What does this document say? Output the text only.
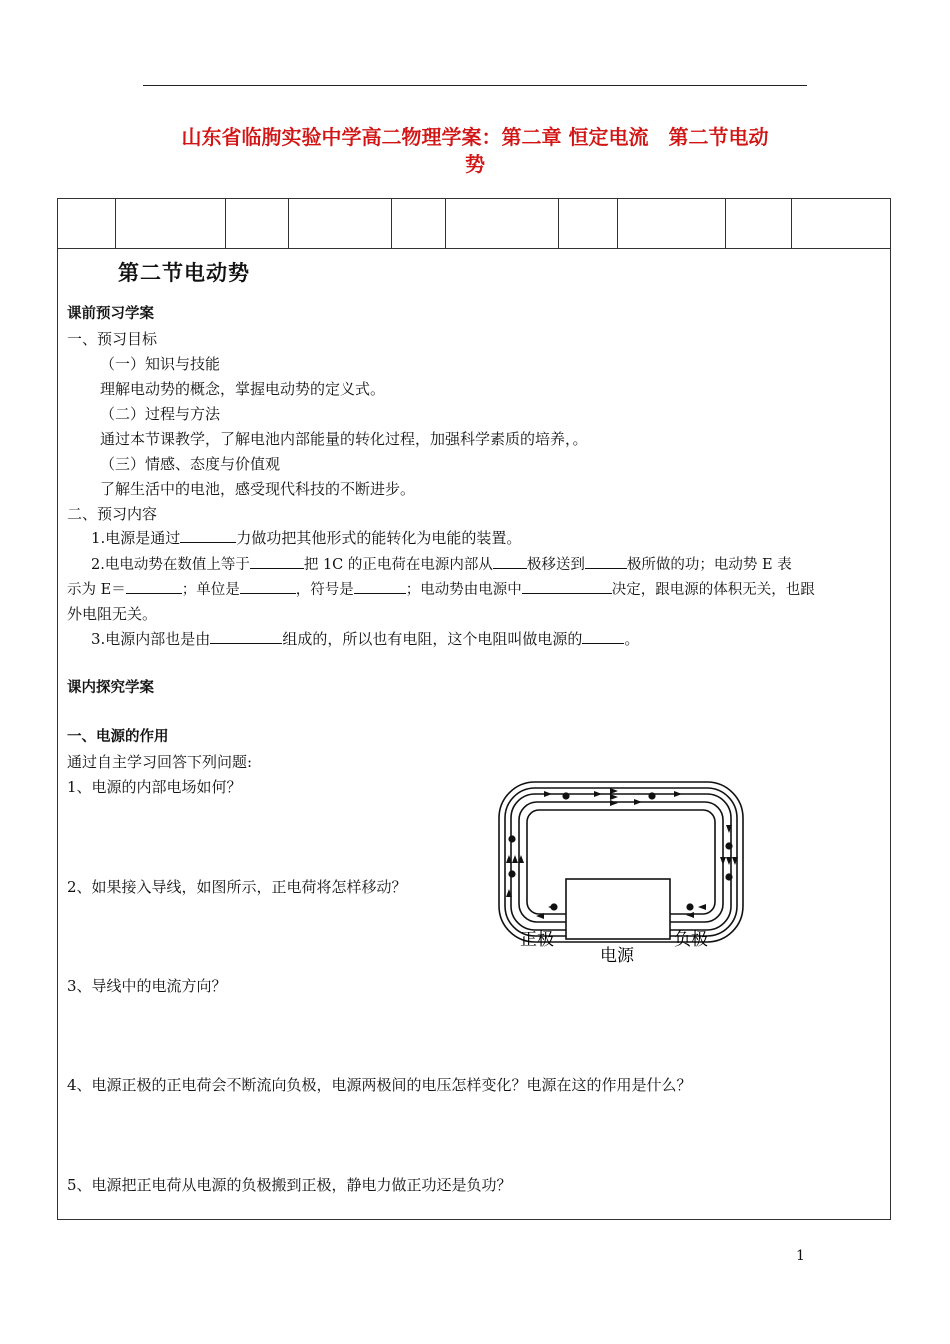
山东省临朐实验中学高二物理学案：第二章 恒定电流　第二节电动
势
第二节电动势
课前预习学案
一、预习目标
（一）知识与技能
理解电动势的概念，掌握电动势的定义式。
（二）过程与方法
通过本节课教学，了解电池内部能量的转化过程，加强科学素质的培养，。
（三）情感、态度与价值观
了解生活中的电池，感受现代科技的不断进步。
二、预习内容
1.电源是通过	力做功把其他形式的能转化为电能的装置。
2.电电动势在数值上等于	把 1C 的正电荷在电源内部从 极移送到	极所做的功；电动势 E 表
示为 E＝	；单位是	，符号是	；电动势由电源中	决定，跟电源的体积无关，也跟
外电阻无关。
3.电源内部也是由	组成的，所以也有电阻，这个电阻叫做电源的	。
课内探究学案
一、电源的作用
通过自主学习回答下列问题:
1、电源的内部电场如何？
2、如果接入导线，如图所示，正电荷将怎样移动？
3、导线中的电流方向？
4、电源正极的正电荷会不断流向负极，电源两极间的电压怎样变化？电源在这的作用是什么？
5、电源把正电荷从电源的负极搬到正极，静电力做正功还是负功？
正极
电源
负极
1
